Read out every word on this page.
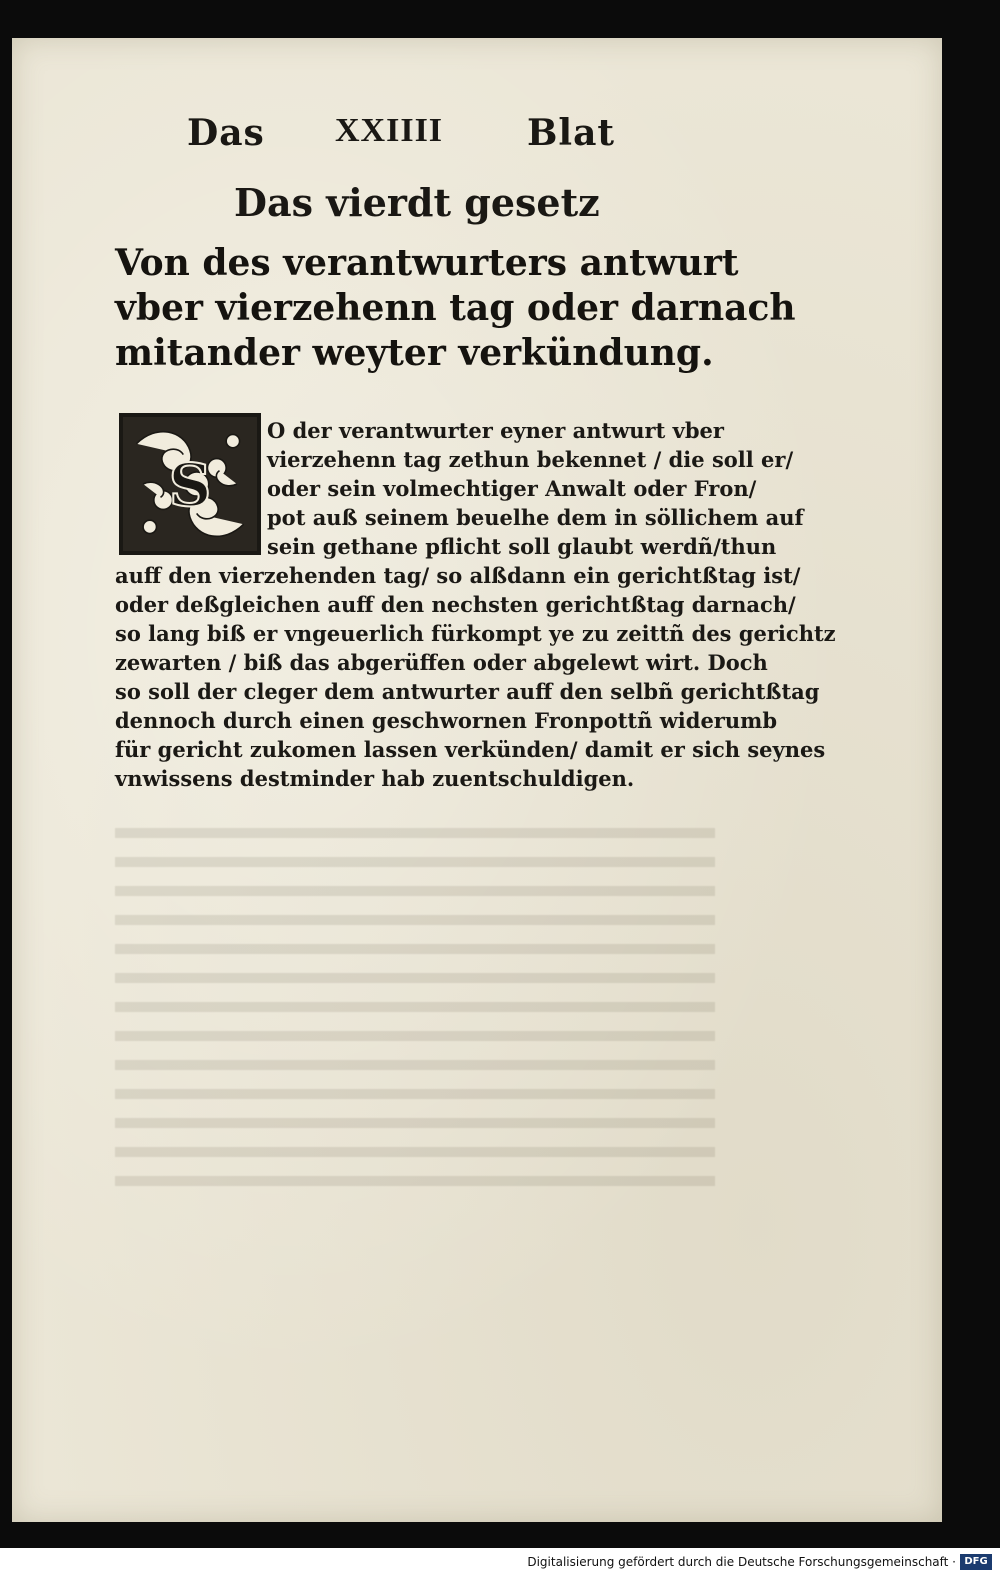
Das XXIIII Blat
Das vierdt gesetz
Von des verantwurters antwurt
vber vierzehenn tag oder darnach
mitander weyter verkündung.
S
O der verantwurter eyner antwurt vber
vierzehenn tag zethun bekennet / die soll er/
oder sein volmechtiger Anwalt oder Fron/
pot auß seinem beuelhe dem in söllichem auf
sein gethane pflicht soll glaubt werdñ/thun
auff den vierzehenden tag/ so alßdann ein gerichtßtag ist/
oder deßgleichen auff den nechsten gerichtßtag darnach/
so lang biß er vngeuerlich fürkompt ye zu zeittñ des gerichtz
zewarten / biß das abgerüffen oder abgelewt wirt. Doch
so soll der cleger dem antwurter auff den selbñ gerichtßtag
dennoch durch einen geschwornen Fronpottñ widerumb
für gericht zukomen lassen verkünden/ damit er sich seynes
vnwissens destminder hab zuentschuldigen.
Digitalisierung gefördert durch die Deutsche Forschungsgemeinschaft · DFG
